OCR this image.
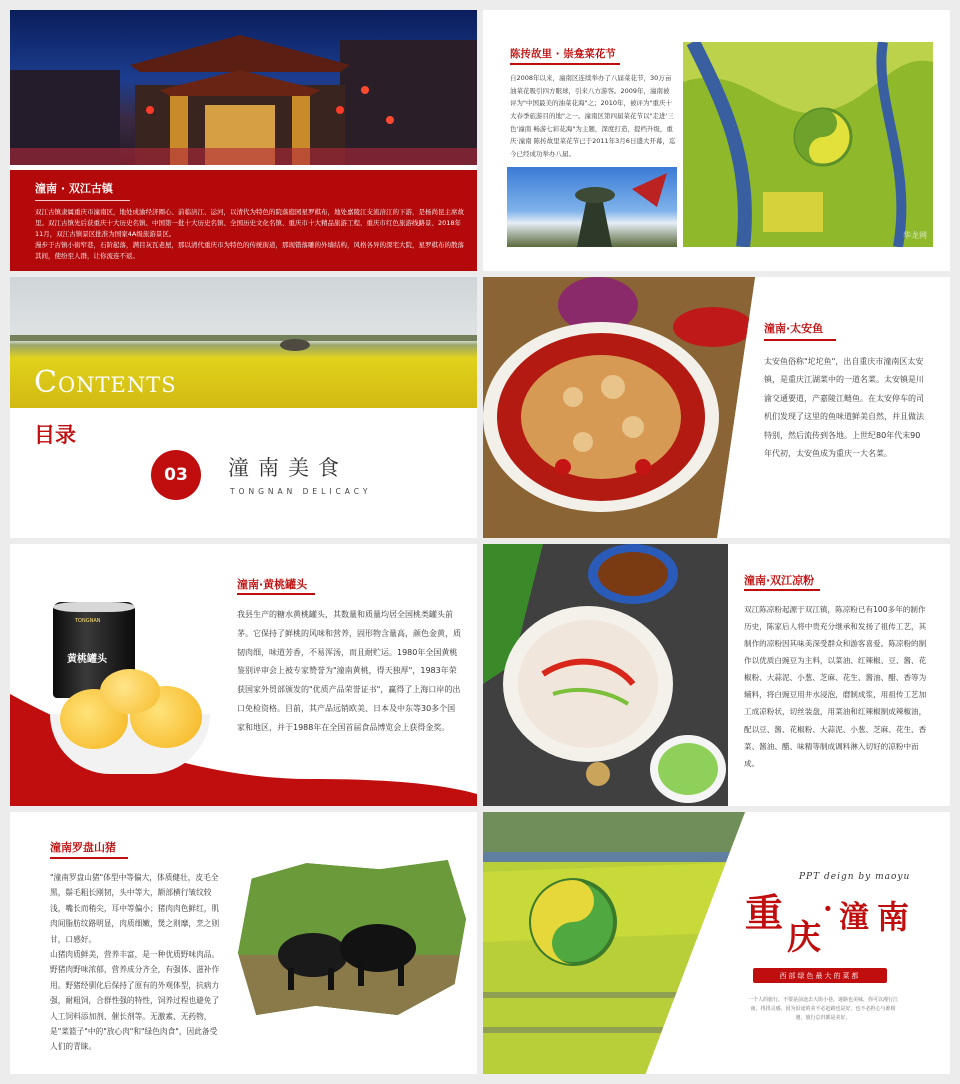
潼南 · 双江古镇
双江古镇隶属重庆市潼南区，地处成渝经济圈心、前临涪江、运河，以清代为特色的院落庭园星罗棋布，地处嘉陵江支流涪江的下游，是杨尚昆主席故里。双江古镇先后获重庆十大历史名镇、中国第一批十大历史名镇、全国历史文化名镇、重庆市十大精品旅游工程、重庆市红色旅游线路景、2018年11月，双江古镇景区批准为国家4A级旅游景区。
漫步于古镇小街窄巷，石阶起落，满目灰瓦老屋，那以清代重庆市为特色的传统街道，那现错落雕的外墙结构，风格各异的深宅大院，星罗棋布的散落其间，使纷至人群，让你流连不返。
陈抟故里 · 崇龛菜花节
自2008年以来，潼南区连续举办了八届菜花节，30万亩油菜花吸引四方眼球，引来八方游客。2009年，潼南被评为"中国最美的油菜花海"之；2010年，被评为"重庆十大春季旅游目的地"之一。潼南区第四届菜花节以"走进'三色'潼南 畅游七彩花海"为主题，深度打造，提档升级，重庆·潼南 陈抟故里菜花节已于2011年3月6日盛大开幕，迄今已经成功举办八届。
华龙网
Contents
目录
03 潼南美食
TONGNAN DELICACY
潼南·太安鱼
太安鱼俗称"坨坨鱼"，出自重庆市潼南区太安镇，是重庆江湖菜中的一道名菜。太安镇是川渝交通要道，产嘉陵江鲢鱼。在太安停车的司机们发现了这里的鱼味道鲜美自然，并且做法特别，然后流传到各地。上世纪80年代末90年代初，太安鱼成为重庆一大名菜。
潼南·黄桃罐头
我县生产的糖水黄桃罐头，其数量和质量均居全国桃类罐头前茅。它保持了鲜桃的风味和营养，固形物含量高，颜色金黄，质韧肉细，味道芳香，不易浑汤，而且耐贮运。1980年全国黄桃鉴别评审会上被专家赞誉为"潼南黄桃，得天独厚"，1983年荣获国家外贸部颁发的"优质产品荣誉证书"，赢得了上海口岸的出口免检资格。目前，其产品远销欧美、日本及中东等30多个国家和地区，并于1988年在全国首届食品博览会上获得金奖。
TONGNAN
黄桃罐头
潼南·双江凉粉
双江陈凉粉起源于双江镇，陈凉粉已有100多年的制作历史，陈家后人将中贵充分继承和发扬了祖传工艺，其制作的凉粉因其味美深受群众和游客喜爱。陈凉粉的制作以优质白豌豆为主料，以菜油、红辣椒、豆、酱、花椒粉、大蒜泥、小葱、芝麻、花生、酱油、醋、香等为辅料，将白豌豆用井水浸泡，磨制成浆，用祖传工艺加工成凉粉状，切丝装盘，用菜油和红辣椒制成辣椒油，配以豆、酱、花椒粉、大蒜泥、小葱、芝麻、花生、香菜、酱油、醋、味精等制成调料淋入切好的凉粉中而成。
潼南罗盘山猪
"潼南罗盘山猪"体型中等偏大，体质健壮，皮毛全黑，鬃毛粗长刚韧，头中等大，额部横行皱纹较浅，嘴长而稍尖，耳中等偏小；猪肉肉色鲜红，肌肉间脂肪纹路明显，肉质细嫩，煲之则靡，烹之则甘，口感好。
山猪肉质鲜美，营养丰富，是一种优质野味肉品。野猪肉野味浓郁，营养成分齐全，有强体、滋补作用。野猪经驯化后保持了原有的外观体型，抗病力强，耐粗饲，合群性强的特性，饲养过程也避免了人工饲料添加剂、催长剂等。无激素、无药物，是"菜篮子"中的"放心肉"和"绿色肉食"，因此备受人们的青睐。
PPT deign by maoyu
重
庆
· 潼 南
西部绿色最大的菜都
一个人的旅行，不要是前途去大街小巷，迷路也美味，你可以漫行江南，找找灵感。因为沿途的美不必赶路也是好。也不必担心与谁相遇，旅行总归都是美好。
